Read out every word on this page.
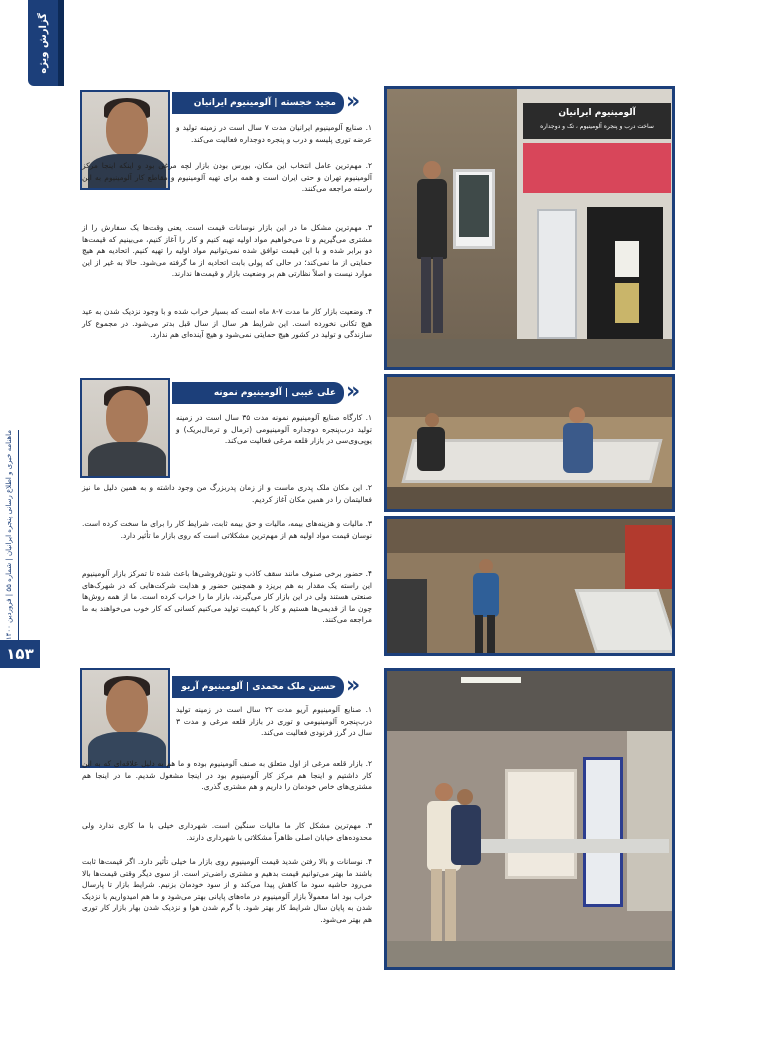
گزارش ویژه
ماهنامه خبری و اطلاع رسانی پنجره ایرانیان | شماره ۵۵ | فروردین ۱۴۰۰
۱۵۳
آلومینیوم ایرانیان
ساخت درب و پنجره آلومینیوم ، تک و دوجداره
مجید خجسته | آلومینیوم ایرانیان »

۱. صنایع آلومینیوم ایرانیان مدت ۷ سال است در زمینه تولید و عرضه توری پلیسه و درب و پنجره دوجداره فعالیت می‌کند.

۲. مهم‌ترین عامل انتخاب این مکان، بورس بودن بازار لچه مرغی بود و اینکه اینجا مرکز آلومینیوم تهران و حتی ایران است و همه برای تهیه آلومینیوم و مقاطع کار آلومینیوم به این راسته مراجعه می‌کنند.

۳. مهم‌ترین مشکل ما در این بازار نوسانات قیمت است. یعنی وقت‌ها یک سفارش را از مشتری می‌گیریم و تا می‌خواهیم مواد اولیه تهیه کنیم و کار را آغاز کنیم، می‌بینیم که قیمت‌ها دو برابر شده و با این قیمت توافق شده نمی‌توانیم مواد اولیه را تهیه کنیم. اتحادیه هم هیچ حمایتی از ما نمی‌کند؛ در حالی که پولی بابت اتحادیه از ما گرفته می‌شود. حالا به غیر از این موارد نیست و اصلاً نظارتی هم بر وضعیت بازار و قیمت‌ها ندارند.

۴. وضعیت بازار کار ما مدت ۷-۸ ماه است که بسیار خراب شده و با وجود نزدیک شدن به عید هیچ تکانی نخورده است. این شرایط هر سال از سال قبل بدتر می‌شود. در مجموع کار سازندگی و تولید در کشور هیچ حمایتی نمی‌شود و هیچ آینده‌ای هم ندارد.

علی غیبی | آلومینیوم نمونه »

۱. کارگاه صنایع آلومینیوم نمونه مدت ۳۵ سال است در زمینه تولید درب‌پنجره دوجداره آلومینیومی (ترمال و ترمال‌بریک) و یو‌پی‌وی‌سی در بازار قلعه مرغی فعالیت می‌کند.

۲. این مکان ملک پدری ماست و از زمان پدربزرگ من وجود داشته و به همین دلیل ما نیز فعالیتمان را در همین مکان آغاز کردیم.

۳. مالیات و هزینه‌های بیمه، مالیات و حق بیمه ثابت، شرایط کار را برای ما سخت کرده است. نوسان قیمت مواد اولیه هم از مهم‌ترین مشکلاتی است که روی بازار ما تأثیر دارد.

۴. حضور برخی صنوف مانند سقف کاذب و نئون‌فروشی‌ها باعث شده تا تمرکز بازار آلومینیوم این راسته یک مقدار به هم بریزد و همچنین حضور و هدایت شرکت‌هایی که در شهرک‌های صنعتی هستند ولی در این بازار کار می‌گیرند، بازار ما را خراب کرده است. ما از همه روش‌ها چون ما از قدیمی‌ها هستیم و کار با کیفیت تولید می‌کنیم کسانی که کار خوب می‌خواهند به ما مراجعه می‌کنند.

حسین ملک محمدی | آلومینیوم آریو »

۱. صنایع آلومینیوم آریو مدت ۲۲ سال است در زمینه تولید درب‌پنجره آلومینیومی و توری در بازار قلعه مرغی و مدت ۳ سال در گرز فرنودی فعالیت می‌کند.

۲. بازار قلعه مرغی از اول متعلق به صنف آلومینیوم بوده و ما هم به دلیل علاقه‌ای که به این کار داشتیم و اینجا هم مرکز کار آلومینیوم بود در اینجا مشغول شدیم. ما در اینجا هم مشتری‌های خاص خودمان را داریم و هم مشتری گذری.

۳. مهم‌ترین مشکل کار ما مالیات سنگین است. شهرداری خیلی با ما کاری ندارد ولی محدوده‌های خیابان اصلی ظاهراً مشکلاتی با شهرداری دارند.

۴. نوسانات و بالا رفتن شدید قیمت آلومینیوم روی بازار ما خیلی تأثیر دارد. اگر قیمت‌ها ثابت باشند ما بهتر می‌توانیم قیمت بدهیم و مشتری راضی‌تر است. از سوی دیگر وقتی قیمت‌ها بالا می‌رود حاشیه سود ما کاهش پیدا می‌کند و از سود خودمان بزنیم. شرایط بازار تا پارسال خراب بود اما معمولاً بازار آلومینیوم در ماه‌های پایانی بهتر می‌شود و ما هم امیدواریم با نزدیک شدن به پایان سال شرایط کار بهتر شود. با گرم شدن هوا و نزدیک شدن بهار بازار کار توری هم بهتر می‌شود.
